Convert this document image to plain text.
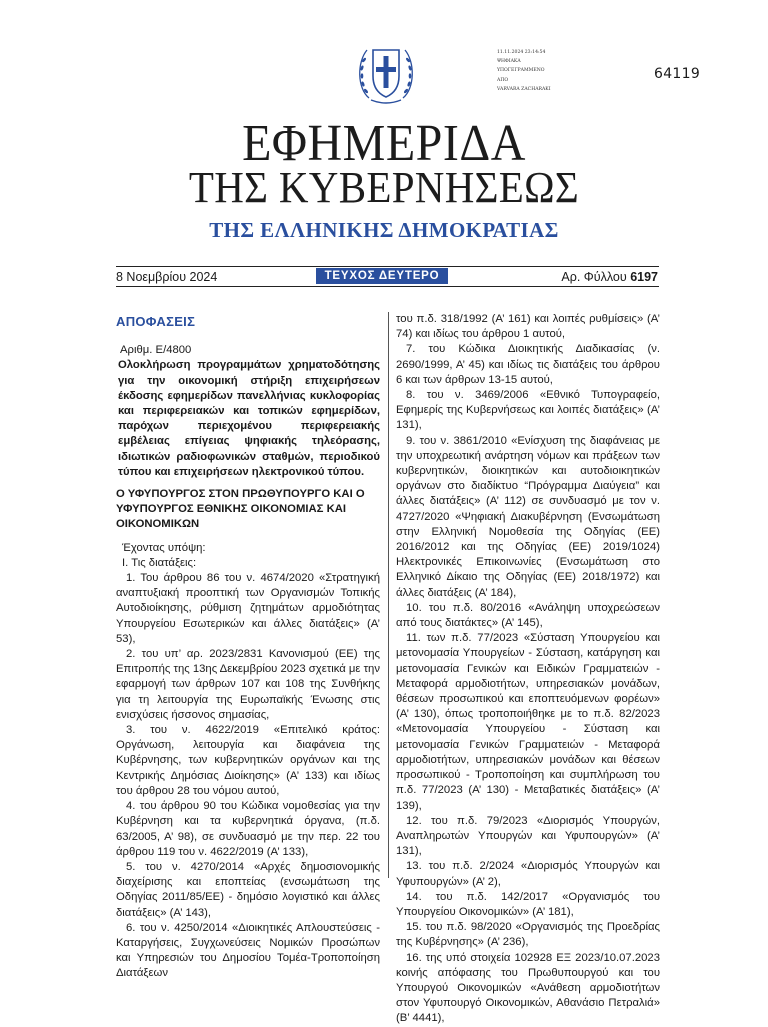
11.11.2024 23:14:54
ΨΗΦΙΑΚΑ
ΥΠΟΓΕΓΡΑΜΜΕΝΟ
ΑΠΟ
VARVARA ZACHARAKI
64119
ΕΦΗΜΕΡΙΔΑ
ΤΗΣ ΚΥΒΕΡΝΗΣΕΩΣ
ΤΗΣ ΕΛΛΗΝΙΚΗΣ ΔΗΜΟΚΡΑΤΙΑΣ
8 Νοεμβρίου 2024	ΤΕΥΧΟΣ ΔΕΥΤΕΡΟ	Αρ. Φύλλου 6197
ΑΠΟΦΑΣΕΙΣ
Αριθμ. Ε/4800
Ολοκλήρωση προγραμμάτων χρηματοδότησης για την οικονομική στήριξη επιχειρήσεων έκδοσης εφημερίδων πανελλήνιας κυκλοφορίας και περιφερειακών και τοπικών εφημερίδων, παρόχων περιεχομένου περιφερειακής εμβέλειας επίγειας ψηφιακής τηλεόρασης, ιδιωτικών ραδιοφωνικών σταθμών, περιοδικού τύπου και επιχειρήσεων ηλεκτρονικού τύπου.
Ο ΥΦΥΠΟΥΡΓΟΣ ΣΤΟΝ ΠΡΩΘΥΠΟΥΡΓΟ ΚΑΙ Ο ΥΦΥΠΟΥΡΓΟΣ ΕΘΝΙΚΗΣ ΟΙΚΟΝΟΜΙΑΣ ΚΑΙ ΟΙΚΟΝΟΜΙΚΩΝ
Έχοντας υπόψη:
Ι. Τις διατάξεις:

1. Του άρθρου 86 του ν. 4674/2020 «Στρατηγική αναπτυξιακή προοπτική των Οργανισμών Τοπικής Αυτοδιοίκησης, ρύθμιση ζητημάτων αρμοδιότητας Υπουργείου Εσωτερικών και άλλες διατάξεις» (Α’ 53),

2. του υπ’ αρ. 2023/2831 Κανονισμού (ΕΕ) της Επιτροπής της 13ης Δεκεμβρίου 2023 σχετικά με την εφαρμογή των άρθρων 107 και 108 της Συνθήκης για τη λειτουργία της Ευρωπαϊκής Ένωσης στις ενισχύσεις ήσσονος σημασίας,

3. του ν. 4622/2019 «Επιτελικό κράτος: Οργάνωση, λειτουργία και διαφάνεια της Κυβέρνησης, των κυβερνητικών οργάνων και της Κεντρικής Δημόσιας Διοίκησης» (Α’ 133) και ιδίως του άρθρου 28 του νόμου αυτού,

4. του άρθρου 90 του Κώδικα νομοθεσίας για την Κυβέρνηση και τα κυβερνητικά όργανα, (π.δ. 63/2005, Α’ 98), σε συνδυασμό με την περ. 22 του άρθρου 119 του ν. 4622/2019 (Α’ 133),

5. του ν. 4270/2014 «Αρχές δημοσιονομικής διαχείρισης και εποπτείας (ενσωμάτωση της Οδηγίας 2011/85/ΕΕ) - δημόσιο λογιστικό και άλλες διατάξεις» (Α’ 143),

6. του ν. 4250/2014 «Διοικητικές Απλουστεύσεις - Καταργήσεις, Συγχωνεύσεις Νομικών Προσώπων και Υπηρεσιών του Δημοσίου Τομέα-Τροποποίηση Διατάξεων

του π.δ. 318/1992 (Α’ 161) και λοιπές ρυθμίσεις» (Α’ 74) και ιδίως του άρθρου 1 αυτού,

7. του Κώδικα Διοικητικής Διαδικασίας (ν. 2690/1999, Α’ 45) και ιδίως τις διατάξεις του άρθρου 6 και των άρθρων 13-15 αυτού,

8. του ν. 3469/2006 «Εθνικό Τυπογραφείο, Εφημερίς της Κυβερνήσεως και λοιπές διατάξεις» (Α’ 131),

9. του ν. 3861/2010 «Ενίσχυση της διαφάνειας με την υποχρεωτική ανάρτηση νόμων και πράξεων των κυβερνητικών, διοικητικών και αυτοδιοικητικών οργάνων στο διαδίκτυο “Πρόγραμμα Διαύγεια” και άλλες διατάξεις» (Α’ 112) σε συνδυασμό με τον ν. 4727/2020 «Ψηφιακή Διακυβέρνηση (Ενσωμάτωση στην Ελληνική Νομοθεσία της Οδηγίας (ΕΕ) 2016/2012 και της Οδηγίας (ΕΕ) 2019/1024) Ηλεκτρονικές Επικοινωνίες (Ενσωμάτωση στο Ελληνικό Δίκαιο της Οδηγίας (ΕΕ) 2018/1972) και άλλες διατάξεις (Α’ 184),

10. του π.δ. 80/2016 «Ανάληψη υποχρεώσεων από τους διατάκτες» (Α’ 145),

11. των π.δ. 77/2023 «Σύσταση Υπουργείου και μετονομασία Υπουργείων - Σύσταση, κατάργηση και μετονομασία Γενικών και Ειδικών Γραμματειών - Μεταφορά αρμοδιοτήτων, υπηρεσιακών μονάδων, θέσεων προσωπικού και εποπτευόμενων φορέων» (Α’ 130), όπως τροποποιήθηκε με το π.δ. 82/2023 «Μετονομασία Υπουργείου - Σύσταση και μετονομασία Γενικών Γραμματειών - Μεταφορά αρμοδιοτήτων, υπηρεσιακών μονάδων και θέσεων προσωπικού - Τροποποίηση και συμπλήρωση του π.δ. 77/2023 (Α’ 130) - Μεταβατικές διατάξεις» (Α’ 139),

12. του π.δ. 79/2023 «Διορισμός Υπουργών, Αναπληρωτών Υπουργών και Υφυπουργών» (Α’ 131),

13. του π.δ. 2/2024 «Διορισμός Υπουργών και Υφυπουργών» (Α’ 2),

14. του π.δ. 142/2017 «Οργανισμός του Υπουργείου Οικονομικών» (Α’ 181),

15. του π.δ. 98/2020 «Οργανισμός της Προεδρίας της Κυβέρνησης» (Α’ 236),

16. της υπό στοιχεία 102928 ΕΞ 2023/10.07.2023 κοινής απόφασης του Πρωθυπουργού και του Υπουργού Οικονομικών «Ανάθεση αρμοδιοτήτων στον Υφυπουργό Οικονομικών, Αθανάσιο Πετραλιά» (Β’ 4441),
